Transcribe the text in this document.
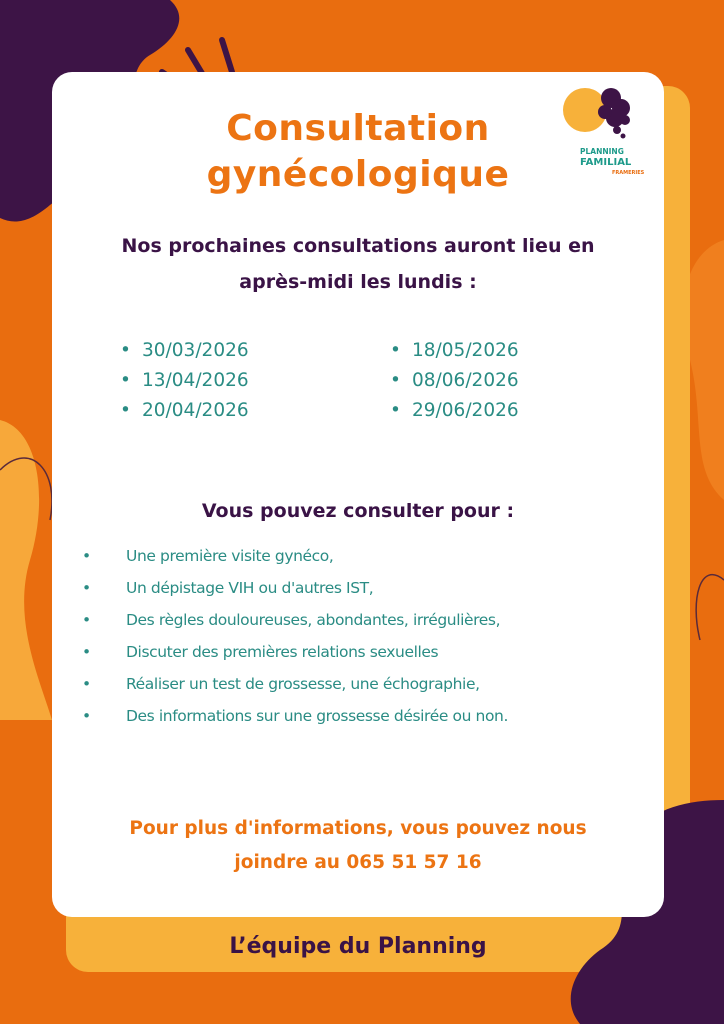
PLANNING
FAMILIAL
FRAMERIES
Consultation
gynécologique
Nos prochaines consultations auront lieu en
après-midi les lundis :
• 30/03/2026
• 13/04/2026
• 20/04/2026
• 18/05/2026
• 08/06/2026
• 29/06/2026
Vous pouvez consulter pour :
• Une première visite gynéco,
• Un dépistage VIH ou d'autres IST,
• Des règles douloureuses, abondantes, irrégulières,
• Discuter des premières relations sexuelles
• Réaliser un test de grossesse, une échographie,
• Des informations sur une grossesse désirée ou non.
Pour plus d'informations, vous pouvez nous
joindre au 065 51 57 16
L’équipe du Planning
